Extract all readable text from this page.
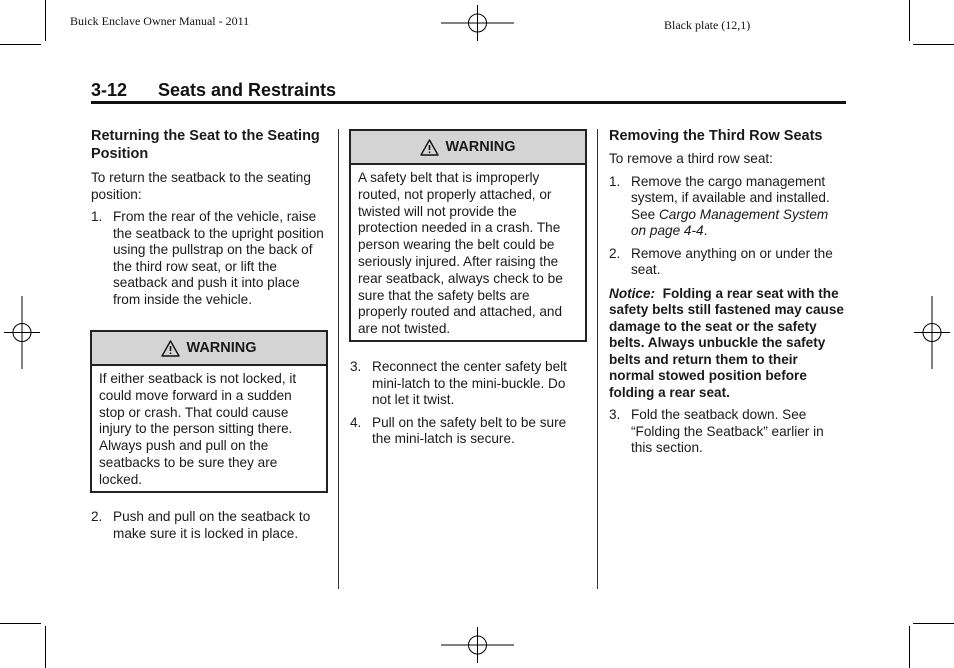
Buick Enclave Owner Manual - 2011	Black plate (12,1)
3-12 Seats and Restraints

Returning the Seat to the Seating Position

To return the seatback to the seating position:

1. From the rear of the vehicle, raise the seatback to the upright position using the pullstrap on the back of the third row seat, or lift the seatback and push it into place from inside the vehicle.
WARNING
If either seatback is not locked, it could move forward in a sudden stop or crash. That could cause injury to the person sitting there. Always push and pull on the seatbacks to be sure they are locked.
2. Push and pull on the seatback to make sure it is locked in place.
WARNING
A safety belt that is improperly routed, not properly attached, or twisted will not provide the protection needed in a crash. The person wearing the belt could be seriously injured. After raising the rear seatback, always check to be sure that the safety belts are properly routed and attached, and are not twisted.
3. Reconnect the center safety belt mini-latch to the mini-buckle. Do not let it twist.
4. Pull on the safety belt to be sure the mini-latch is secure.

Removing the Third Row Seats

To remove a third row seat:

1. Remove the cargo management system, if available and installed. See Cargo Management System on page 4-4.
2. Remove anything on or under the seat.

Notice: Folding a rear seat with the safety belts still fastened may cause damage to the seat or the safety belts. Always unbuckle the safety belts and return them to their normal stowed position before folding a rear seat.

3. Fold the seatback down. See “Folding the Seatback” earlier in this section.
